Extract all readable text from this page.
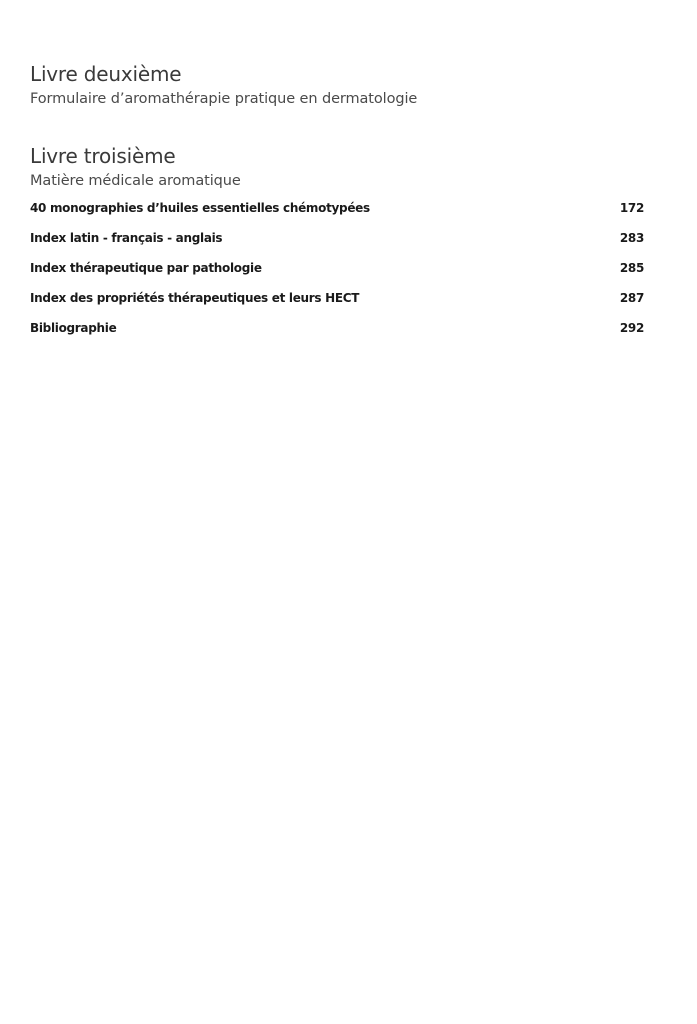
Livre deuxième

Formulaire d’aromathérapie pratique en dermatologie

Livre troisième

Matière médicale aromatique

40 monographies d’huiles essentielles chémotypées	172
Index latin - français - anglais	283
Index thérapeutique par pathologie	285
Index des propriétés thérapeutiques et leurs HECT	287
Bibliographie	292
